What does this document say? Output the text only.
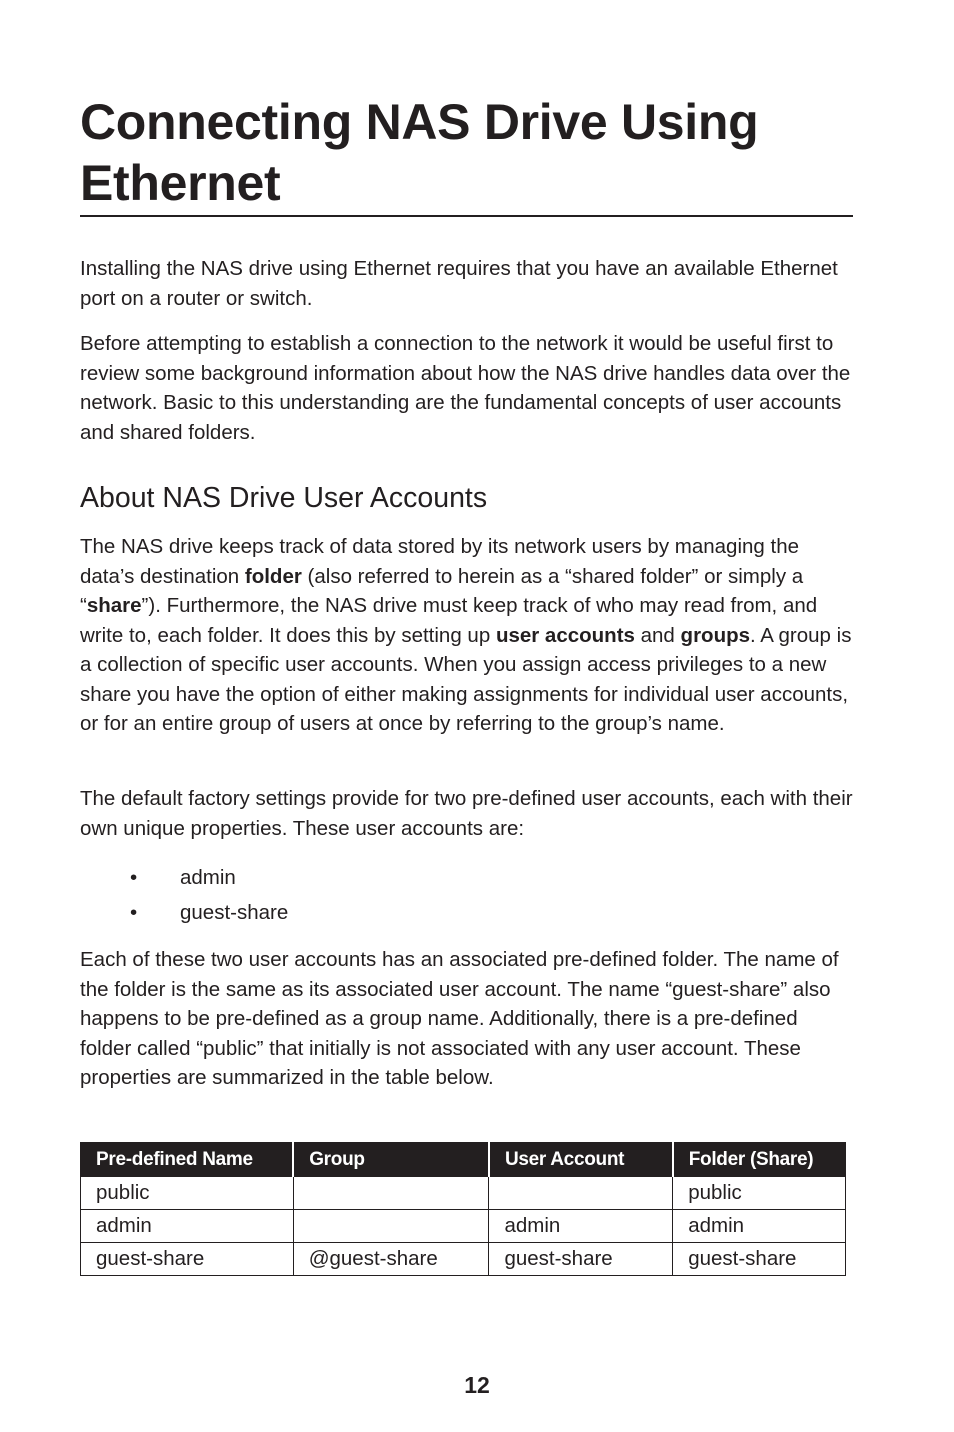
Connecting NAS Drive Using Ethernet

Installing the NAS drive using Ethernet requires that you have an available Ethernet port on a router or switch.

Before attempting to establish a connection to the network it would be useful first to review some background information about how the NAS drive handles data over the network. Basic to this understanding are the fundamental concepts of user accounts and shared folders.

About NAS Drive User Accounts

The NAS drive keeps track of data stored by its network users by managing the data’s destination folder (also referred to herein as a “shared folder” or simply a “share”). Furthermore, the NAS drive must keep track of who may read from, and write to, each folder. It does this by setting up user accounts and groups. A group is a collection of specific user accounts. When you assign access privileges to a new share you have the option of either making assignments for individual user accounts, or for an entire group of users at once by referring to the group’s name.

The default factory settings provide for two pre-defined user accounts, each with their own unique properties. These user accounts are:

• admin
• guest-share

Each of these two user accounts has an associated pre-defined folder. The name of the folder is the same as its associated user account. The name “guest-share” also happens to be pre-defined as a group name. Additionally, there is a pre-defined folder called “public” that initially is not associated with any user account. These properties are summarized in the table below.

Pre-defined Name	Group	User Account	Folder (Share)
public			public
admin		admin	admin
guest-share	@guest-share	guest-share	guest-share
12
